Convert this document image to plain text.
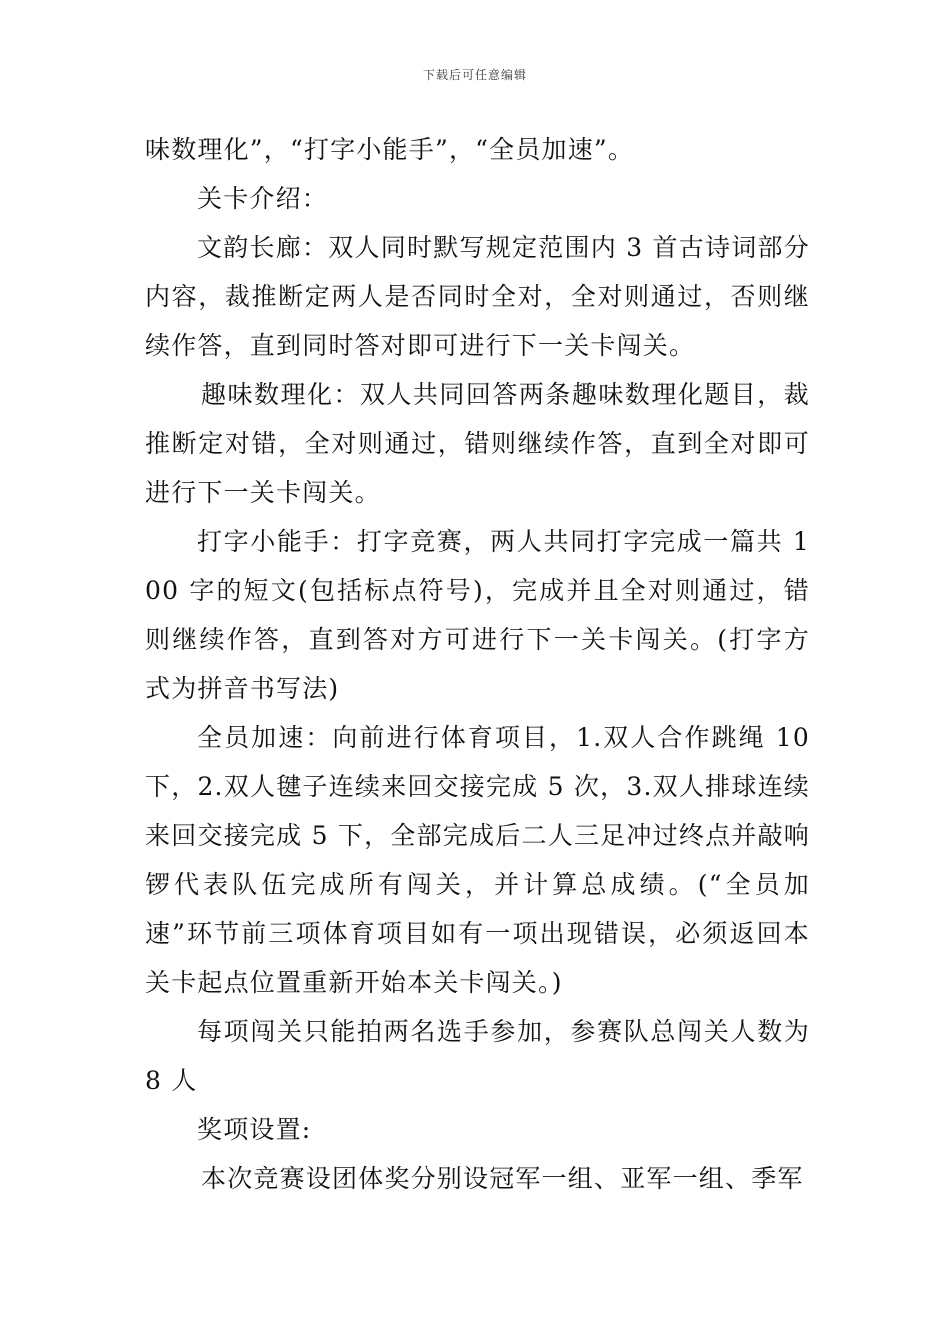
下载后可任意编辑

味数理化”，“打字小能手”，“全员加速”。

关卡介绍：

文韵长廊：双人同时默写规定范围内 3 首古诗词部分内容，裁推断定两人是否同时全对，全对则通过，否则继续作答，直到同时答对即可进行下一关卡闯关。

趣味数理化：双人共同回答两条趣味数理化题目，裁推断定对错，全对则通过，错则继续作答，直到全对即可进行下一关卡闯关。

打字小能手：打字竞赛，两人共同打字完成一篇共 100 字的短文(包括标点符号)，完成并且全对则通过，错则继续作答，直到答对方可进行下一关卡闯关。(打字方式为拼音书写法)

全员加速：向前进行体育项目，1.双人合作跳绳 10 下，2.双人毽子连续来回交接完成 5 次，3.双人排球连续来回交接完成 5 下，全部完成后二人三足冲过终点并敲响锣代表队伍完成所有闯关，并计算总成绩。(“全员加速”环节前三项体育项目如有一项出现错误，必须返回本关卡起点位置重新开始本关卡闯关。)

每项闯关只能拍两名选手参加，参赛队总闯关人数为 8 人

奖项设置:

本次竞赛设团体奖分别设冠军一组、亚军一组、季军
